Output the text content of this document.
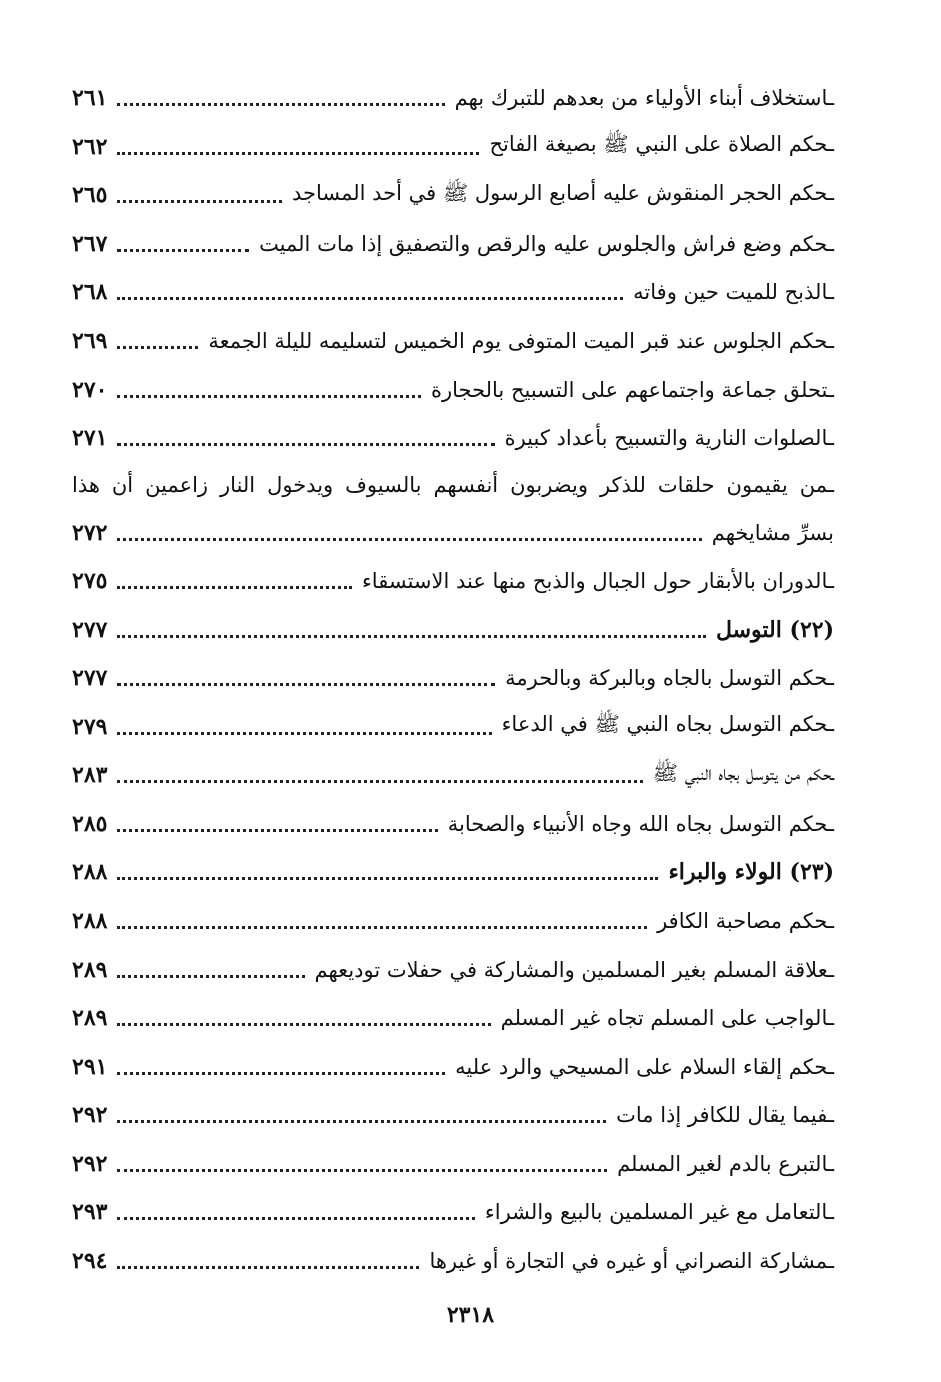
ـاستخلاف أبناء الأولياء من بعدهم للتبرك بهم
٢٦١
ـحكم الصلاة على النبي ﷺ بصيغة الفاتح
٢٦٢
ـحكم الحجر المنقوش عليه أصابع الرسول ﷺ في أحد المساجد
٢٦٥
ـحكم وضع فراش والجلوس عليه والرقص والتصفيق إذا مات الميت
٢٦٧
ـالذبح للميت حين وفاته
٢٦٨
ـحكم الجلوس عند قبر الميت المتوفى يوم الخميس لتسليمه لليلة الجمعة
٢٦٩
ـتحلق جماعة واجتماعهم على التسبيح بالحجارة
٢٧٠
ـالصلوات النارية والتسبيح بأعداد كبيرة
٢٧١
ـمن يقيمون حلقات للذكر ويضربون أنفسهم بالسيوف ويدخول النار زاعمين أن هذا
بسرِّ مشايخهم
٢٧٢
ـالدوران بالأبقار حول الجبال والذبح منها عند الاستسقاء
٢٧٥
(٢٢) التوسل
٢٧٧
ـحكم التوسل بالجاه وبالبركة وبالحرمة
٢٧٧
ـحكم التوسل بجاه النبي ﷺ في الدعاء
٢٧٩
ـحكم من يتوسل بجاه النبي ﷺ
٢٨٣
ـحكم التوسل بجاه الله وجاه الأنبياء والصحابة
٢٨٥
(٢٣) الولاء والبراء
٢٨٨
ـحكم مصاحبة الكافر
٢٨٨
ـعلاقة المسلم بغير المسلمين والمشاركة في حفلات توديعهم
٢٨٩
ـالواجب على المسلم تجاه غير المسلم
٢٨٩
ـحكم إلقاء السلام على المسيحي والرد عليه
٢٩١
ـفيما يقال للكافر إذا مات
٢٩٢
ـالتبرع بالدم لغير المسلم
٢٩٢
ـالتعامل مع غير المسلمين بالبيع والشراء
٢٩٣
ـمشاركة النصراني أو غيره في التجارة أو غيرها
٢٩٤
٢٣١٨
